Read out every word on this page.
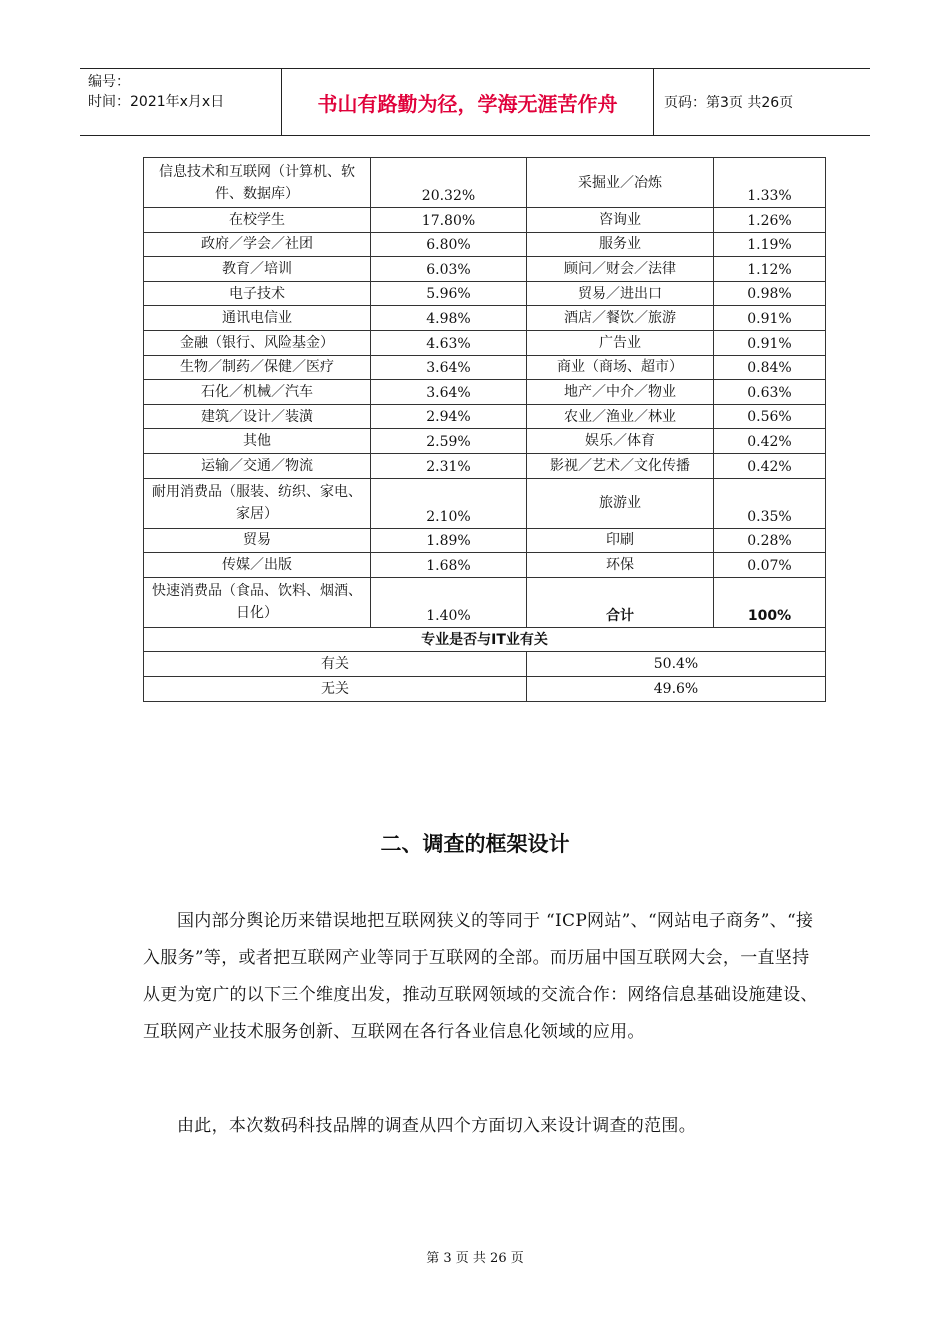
编号：
时间：2021年x月x日	书山有路勤为径，学海无涯苦作舟	页码：第3页 共26页
信息技术和互联网（计算机、软件、数据库）	20.32%	采掘业／冶炼	1.33%
在校学生	17.80%	咨询业	1.26%
政府／学会／社团	6.80%	服务业	1.19%
教育／培训	6.03%	顾问／财会／法律	1.12%
电子技术	5.96%	贸易／进出口	0.98%
通讯电信业	4.98%	酒店／餐饮／旅游	0.91%
金融（银行、风险基金）	4.63%	广告业	0.91%
生物／制药／保健／医疗	3.64%	商业（商场、超市）	0.84%
石化／机械／汽车	3.64%	地产／中介／物业	0.63%
建筑／设计／装潢	2.94%	农业／渔业／林业	0.56%
其他	2.59%	娱乐／体育	0.42%
运输／交通／物流	2.31%	影视／艺术／文化传播	0.42%
耐用消费品（服装、纺织、家电、家居）	2.10%	旅游业	0.35%
贸易	1.89%	印刷	0.28%
传媒／出版	1.68%	环保	0.07%
快速消费品（食品、饮料、烟酒、日化）	1.40%	合计	100%
专业是否与IT业有关			
有关		50.4%	
无关		49.6%	
二、调查的框架设计

国内部分舆论历来错误地把互联网狭义的等同于 “ICP网站”、“网站电子商务”、“接入服务”等，或者把互联网产业等同于互联网的全部。而历届中国互联网大会，一直坚持从更为宽广的以下三个维度出发，推动互联网领域的交流合作：网络信息基础设施建设、互联网产业技术服务创新、互联网在各行各业信息化领域的应用。

由此，本次数码科技品牌的调查从四个方面切入来设计调查的范围。

第 3 页 共 26 页
